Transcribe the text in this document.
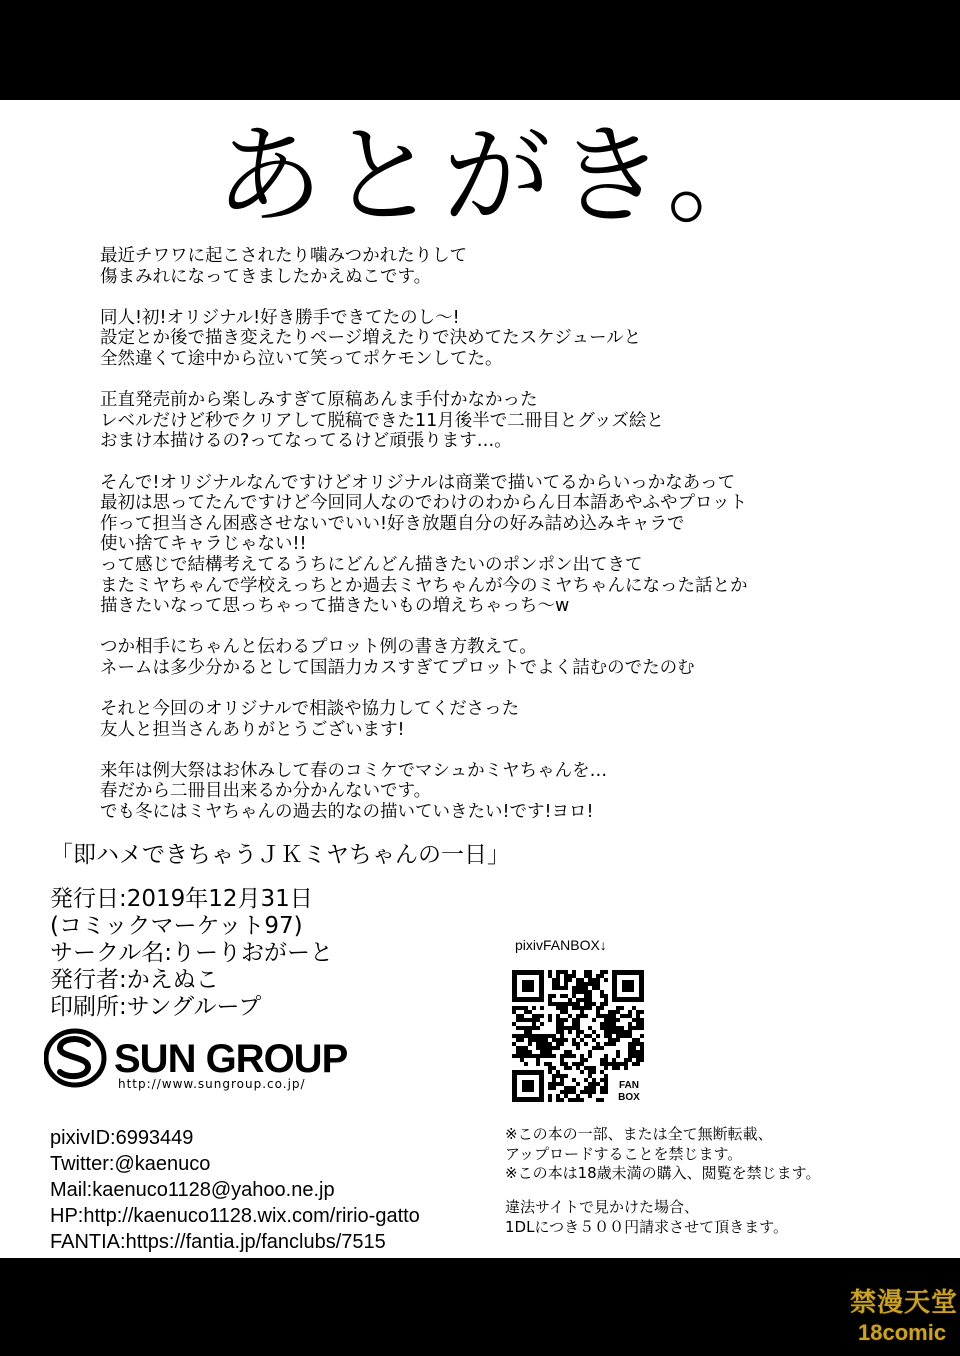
あとがき。
最近チワワに起こされたり噛みつかれたりして
傷まみれになってきましたかえぬこです。
同人!初!オリジナル!好き勝手できてたのし～!
設定とか後で描き変えたりページ増えたりで決めてたスケジュールと
全然違くて途中から泣いて笑ってポケモンしてた。
正直発売前から楽しみすぎて原稿あんま手付かなかった
レベルだけど秒でクリアして脱稿できた11月後半で二冊目とグッズ絵と
おまけ本描けるの?ってなってるけど頑張ります…。
そんで!オリジナルなんですけどオリジナルは商業で描いてるからいっかなあって
最初は思ってたんですけど今回同人なのでわけのわからん日本語あやふやプロット
作って担当さん困惑させないでいい!好き放題自分の好み詰め込みキャラで
使い捨てキャラじゃない!!
って感じで結構考えてるうちにどんどん描きたいのポンポン出てきて
またミヤちゃんで学校えっちとか過去ミヤちゃんが今のミヤちゃんになった話とか
描きたいなって思っちゃって描きたいもの増えちゃっち～w
つか相手にちゃんと伝わるプロット例の書き方教えて。
ネームは多少分かるとして国語力カスすぎてプロットでよく詰むのでたのむ
それと今回のオリジナルで相談や協力してくださった
友人と担当さんありがとうございます!
来年は例大祭はお休みして春のコミケでマシュかミヤちゃんを…
春だから二冊目出来るか分かんないです。
でも冬にはミヤちゃんの過去的なの描いていきたい!です!ヨロ!
「即ハメできちゃうＪＫミヤちゃんの一日」
発行日:2019年12月31日
(コミックマーケット97)
サークル名:りーりおがーと
発行者:かえぬこ
印刷所:サングループ
SUN GROUP
http://www.sungroup.co.jp/
pixivID:6993449
Twitter:@kaenuco
Mail:kaenuco1128@yahoo.ne.jp
HP:http://kaenuco1128.wix.com/ririo-gatto
FANTIA:https://fantia.jp/fanclubs/7515
pixivFANBOX↓
FAN
BOX
※この本の一部、または全て無断転載、
アップロードすることを禁じます。
※この本は18歳未満の購入、閲覧を禁じます。
違法サイトで見かけた場合、
1DLにつき５００円請求させて頂きます。
禁漫天堂
18comic
